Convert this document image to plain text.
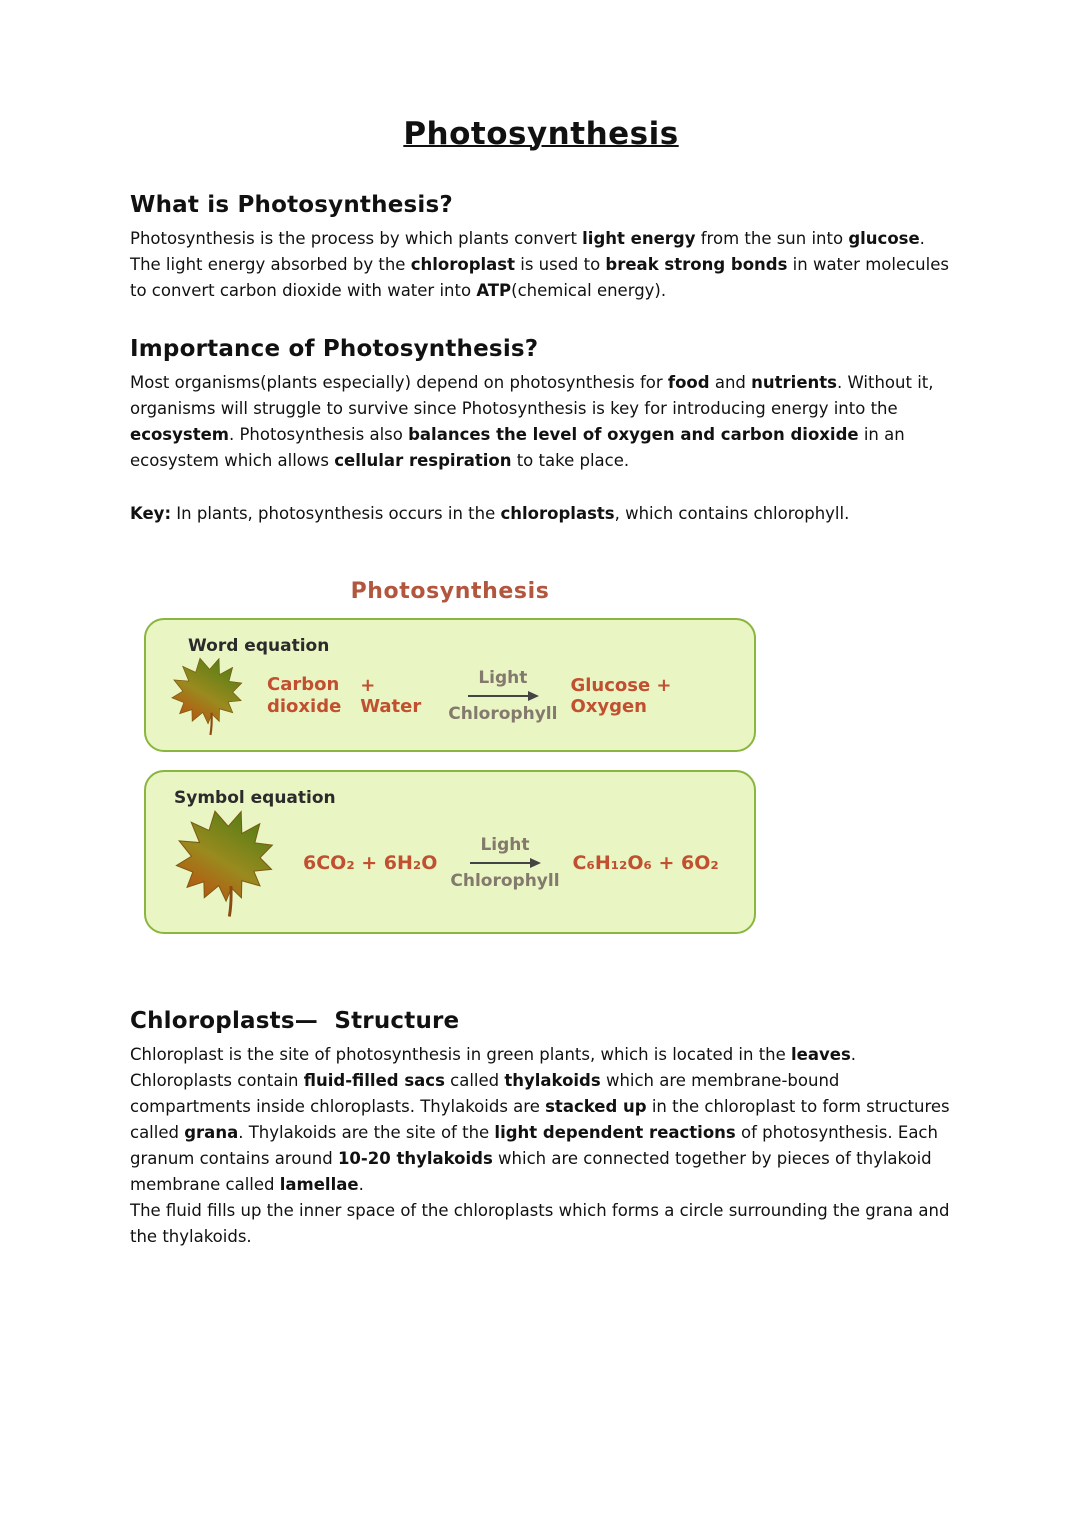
Photosynthesis
What is Photosynthesis?

Photosynthesis is the process by which plants convert light energy from the sun into glucose. The light energy absorbed by the chloroplast is used to break strong bonds in water molecules to convert carbon dioxide with water into ATP(chemical energy).

Importance of Photosynthesis?

Most organisms(plants especially) depend on photosynthesis for food and nutrients. Without it, organisms will struggle to survive since Photosynthesis is key for introducing energy into the ecosystem. Photosynthesis also balances the level of oxygen and carbon dioxide in an ecosystem which allows cellular respiration to take place.

Key: In plants, photosynthesis occurs in the chloroplasts, which contains chlorophyll.

Photosynthesis
Word equation
Carbon dioxide
+ Water
Light
Chlorophyll
Glucose + Oxygen
Symbol equation
6CO₂ + 6H₂O
Light
Chlorophyll
C₆H₁₂O₆ + 6O₂
Chloroplasts—  Structure

Chloroplast is the site of photosynthesis in green plants, which is located in the leaves. Chloroplasts contain fluid-filled sacs called thylakoids which are membrane-bound compartments inside chloroplasts. Thylakoids are stacked up in the chloroplast to form structures called grana. Thylakoids are the site of the light dependent reactions of photosynthesis. Each granum contains around 10-20 thylakoids which are connected together by pieces of thylakoid membrane called lamellae.

The fluid fills up the inner space of the chloroplasts which forms a circle surrounding the grana and the thylakoids.
